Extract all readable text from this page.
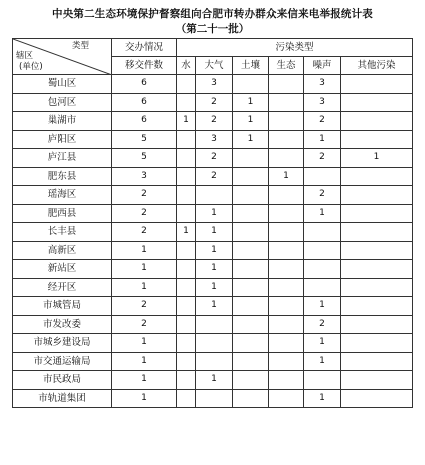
中央第二生态环境保护督察组向合肥市转办群众来信来电举报统计表
（第二十一批）
类型
辖区
(单位)	交办情况	污染类型					
	移交件数	水	大气	土壤	生态	噪声	其他污染
蜀山区	6		3			3	
包河区	6		2	1		3	
巢湖市	6	1	2	1		2	
庐阳区	5		3	1		1	
庐江县	5		2			2	1
肥东县	3		2		1		
瑶海区	2					2	
肥西县	2		1			1	
长丰县	2	1	1				
高新区	1		1				
新站区	1		1				
经开区	1		1				
市城管局	2		1			1	
市发改委	2					2	
市城乡建设局	1					1	
市交通运输局	1					1	
市民政局	1		1				
市轨道集团	1					1	
